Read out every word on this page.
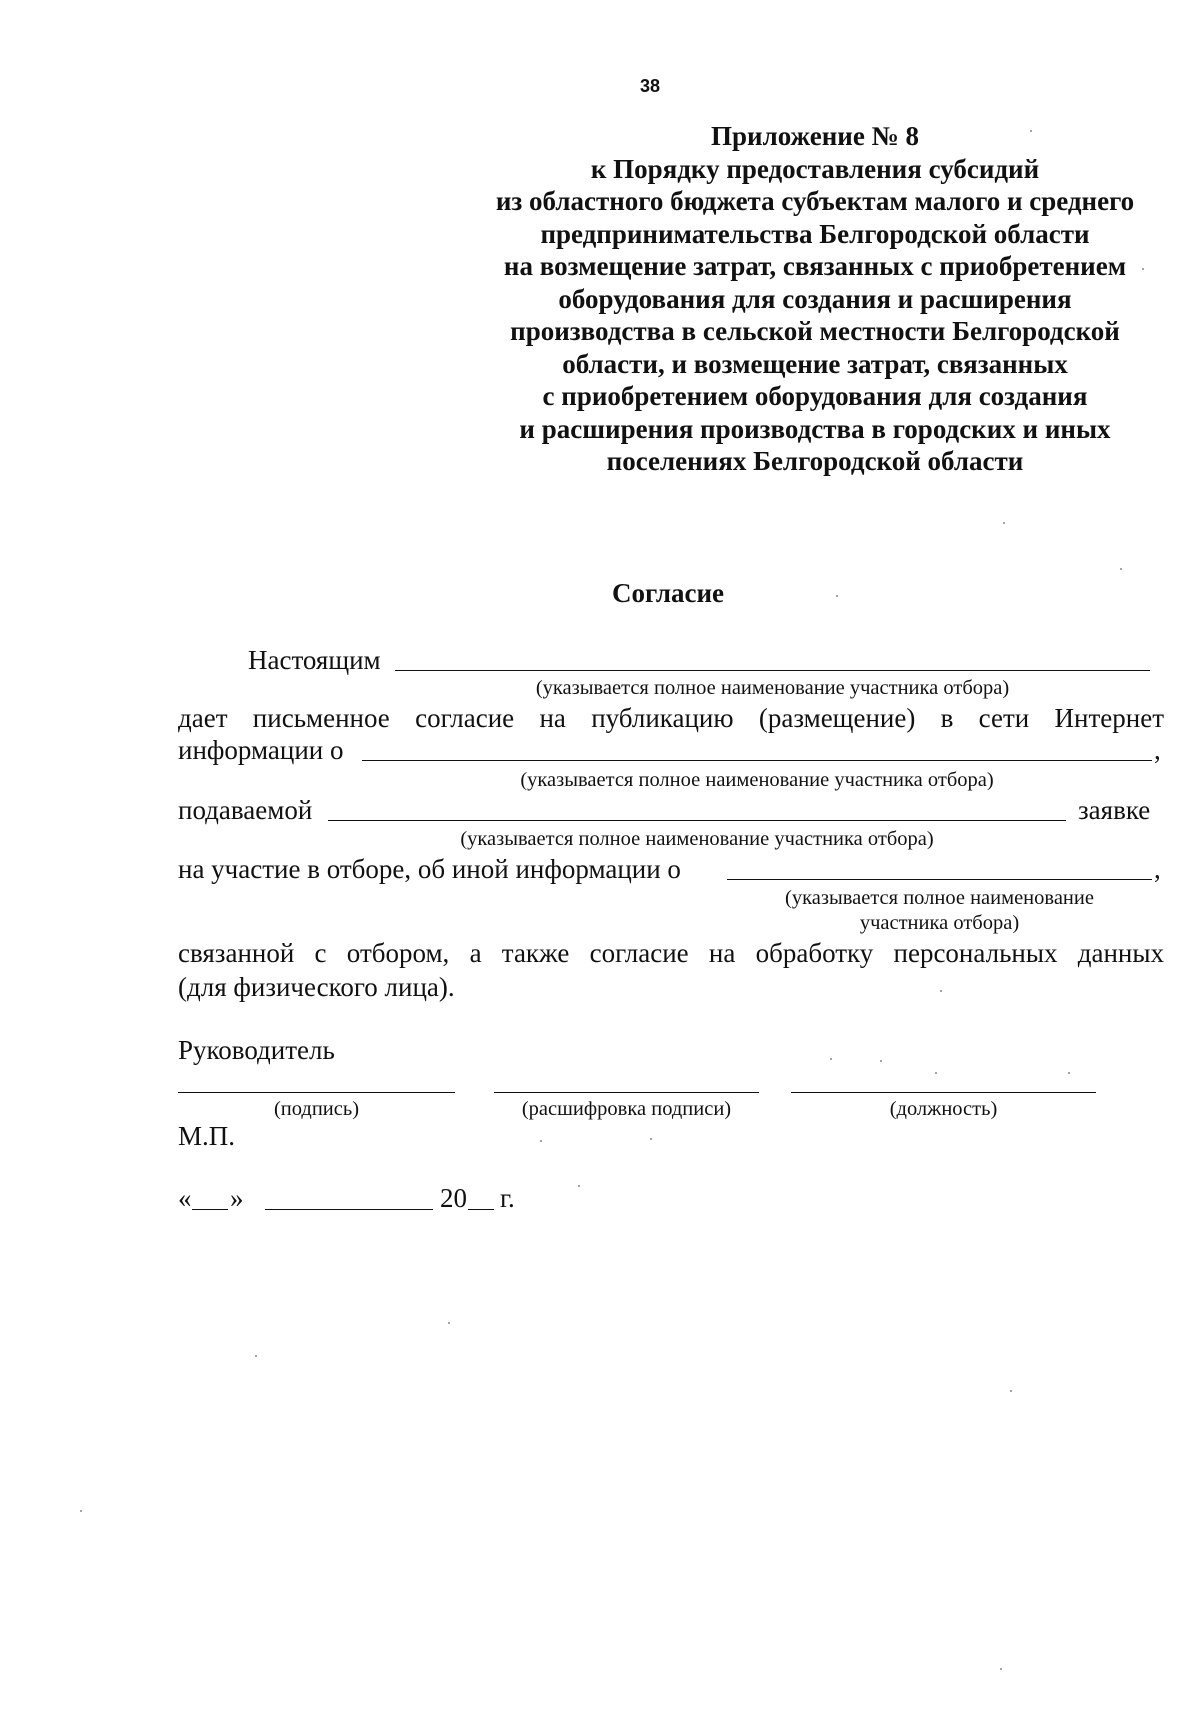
38
Приложение № 8
к Порядку предоставления субсидий
из областного бюджета субъектам малого и среднего
предпринимательства Белгородской области
на возмещение затрат, связанных с приобретением
оборудования для создания и расширения
производства в сельской местности Белгородской
области, и возмещение затрат, связанных
с приобретением оборудования для создания
и расширения производства в городских и иных
поселениях Белгородской области
Согласие
Настоящим
(указывается полное наименование участника отбора)
дает письменное согласие на публикацию (размещение) в сети Интернет
информации о	,
(указывается полное наименование участника отбора)
подаваемой	заявке
(указывается полное наименование участника отбора)
на участие в отборе, об иной информации о	,
(указывается полное наименование
участника отбора)
связанной с отбором, а также согласие на обработку персональных данных
(для физического лица).
Руководитель
(подпись)	(расшифровка подписи)	(должность)
М.П.
« »	20 г.
